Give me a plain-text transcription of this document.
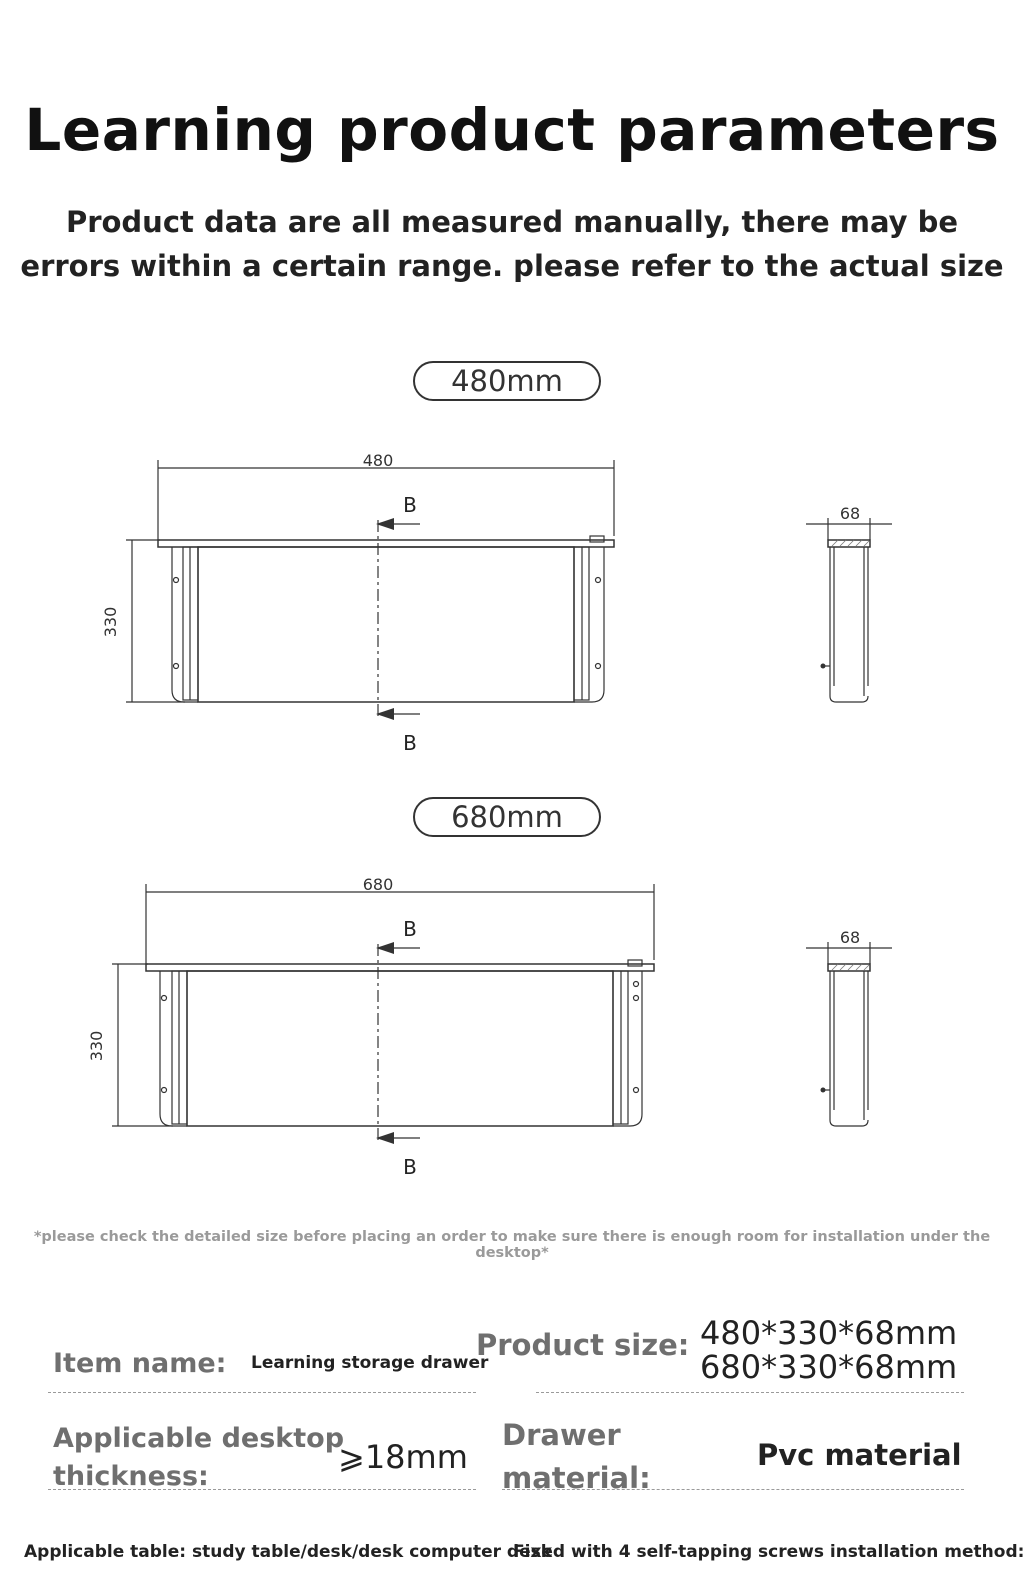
Learning product parameters
Product data are all measured manually, there may be
errors within a certain range. please refer to the actual size
480mm
480
330
68
B
B
680mm
680
330
68
B
B
*please check the detailed size before placing an order to make sure there is enough room for installation under the desktop*
Item name: Learning storage drawer
Product size: 480*330*68mm
680*330*68mm
Applicable desktop
thickness:
⩾18mm
Drawer
material:
Pvc material
Applicable table: study table/desk/desk computer desk
Fixed with 4 self-tapping screws installation method:
